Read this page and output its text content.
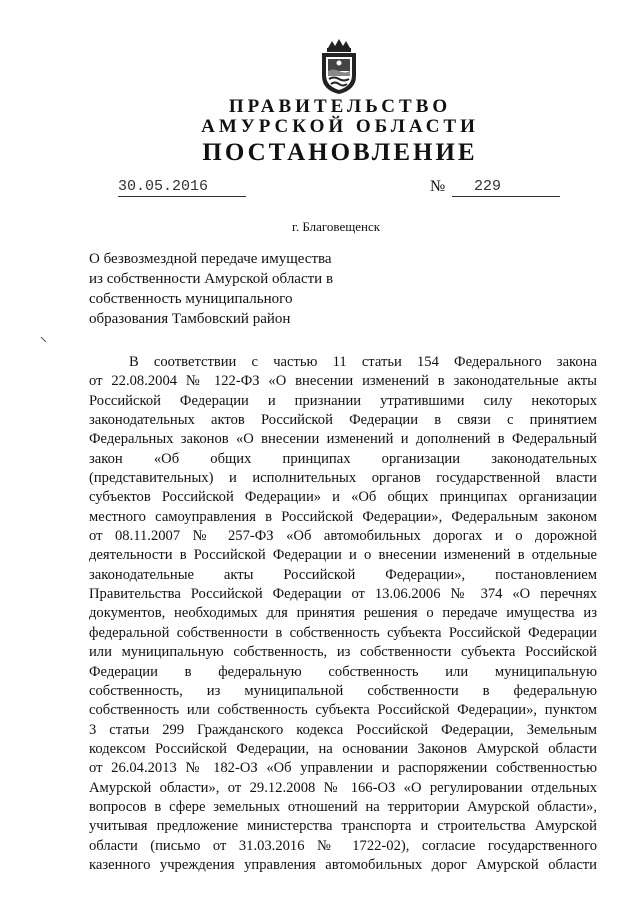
ПРАВИТЕЛЬСТВО
АМУРСКОЙ ОБЛАСТИ
ПОСТАНОВЛЕНИЕ
30.05.2016	№ 229
г. Благовещенск
О безвозмездной передаче имущества
из собственности Амурской области в
собственность муниципального
образования Тамбовский район
В соответствии с частью 11 статьи 154 Федерального закона
от 22.08.2004 № 122-ФЗ «О внесении изменений в законодательные акты
Российской Федерации и признании утратившими силу некоторых
законодательных актов Российской Федерации в связи с принятием
Федеральных законов «О внесении изменений и дополнений в Федеральный
закон «Об общих принципах организации законодательных
(представительных) и исполнительных органов государственной власти
субъектов Российской Федерации» и «Об общих принципах организации
местного самоуправления в Российской Федерации», Федеральным законом
от 08.11.2007 № 257-ФЗ «Об автомобильных дорогах и о дорожной
деятельности в Российской Федерации и о внесении изменений в отдельные
законодательные акты Российской Федерации», постановлением
Правительства Российской Федерации от 13.06.2006 № 374 «О перечнях
документов, необходимых для принятия решения о передаче имущества из
федеральной собственности в собственность субъекта Российской Федерации
или муниципальную собственность, из собственности субъекта Российской
Федерации в федеральную собственность или муниципальную
собственность, из муниципальной собственности в федеральную
собственность или собственность субъекта Российской Федерации», пунктом
3 статьи 299 Гражданского кодекса Российской Федерации, Земельным
кодексом Российской Федерации, на основании Законов Амурской области
от 26.04.2013 № 182-ОЗ «Об управлении и распоряжении собственностью
Амурской области», от 29.12.2008 № 166-ОЗ «О регулировании отдельных
вопросов в сфере земельных отношений на территории Амурской области»,
учитывая предложение министерства транспорта и строительства Амурской
области (письмо от 31.03.2016 № 1722-02), согласие государственного
казенного учреждения управления автомобильных дорог Амурской области
